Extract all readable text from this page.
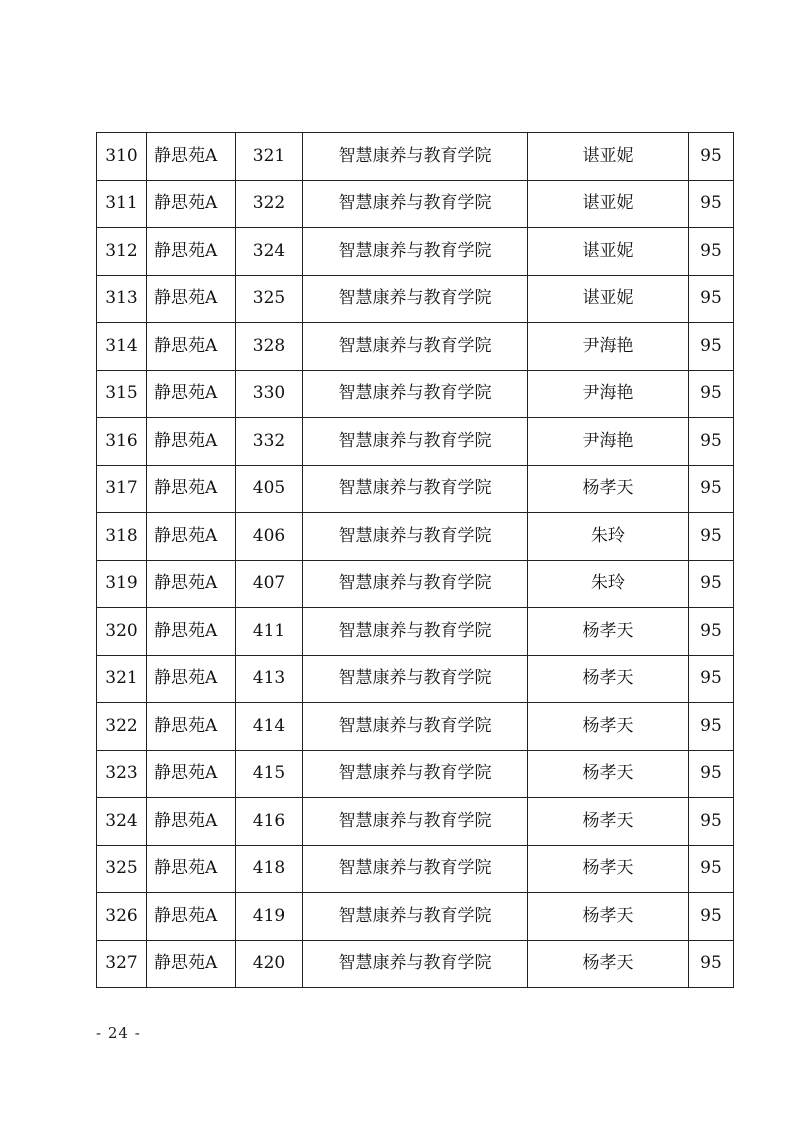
310	静思苑A	321	智慧康养与教育学院	谌亚妮	95
311	静思苑A	322	智慧康养与教育学院	谌亚妮	95
312	静思苑A	324	智慧康养与教育学院	谌亚妮	95
313	静思苑A	325	智慧康养与教育学院	谌亚妮	95
314	静思苑A	328	智慧康养与教育学院	尹海艳	95
315	静思苑A	330	智慧康养与教育学院	尹海艳	95
316	静思苑A	332	智慧康养与教育学院	尹海艳	95
317	静思苑A	405	智慧康养与教育学院	杨孝天	95
318	静思苑A	406	智慧康养与教育学院	朱玲	95
319	静思苑A	407	智慧康养与教育学院	朱玲	95
320	静思苑A	411	智慧康养与教育学院	杨孝天	95
321	静思苑A	413	智慧康养与教育学院	杨孝天	95
322	静思苑A	414	智慧康养与教育学院	杨孝天	95
323	静思苑A	415	智慧康养与教育学院	杨孝天	95
324	静思苑A	416	智慧康养与教育学院	杨孝天	95
325	静思苑A	418	智慧康养与教育学院	杨孝天	95
326	静思苑A	419	智慧康养与教育学院	杨孝天	95
327	静思苑A	420	智慧康养与教育学院	杨孝天	95
- 24 -
